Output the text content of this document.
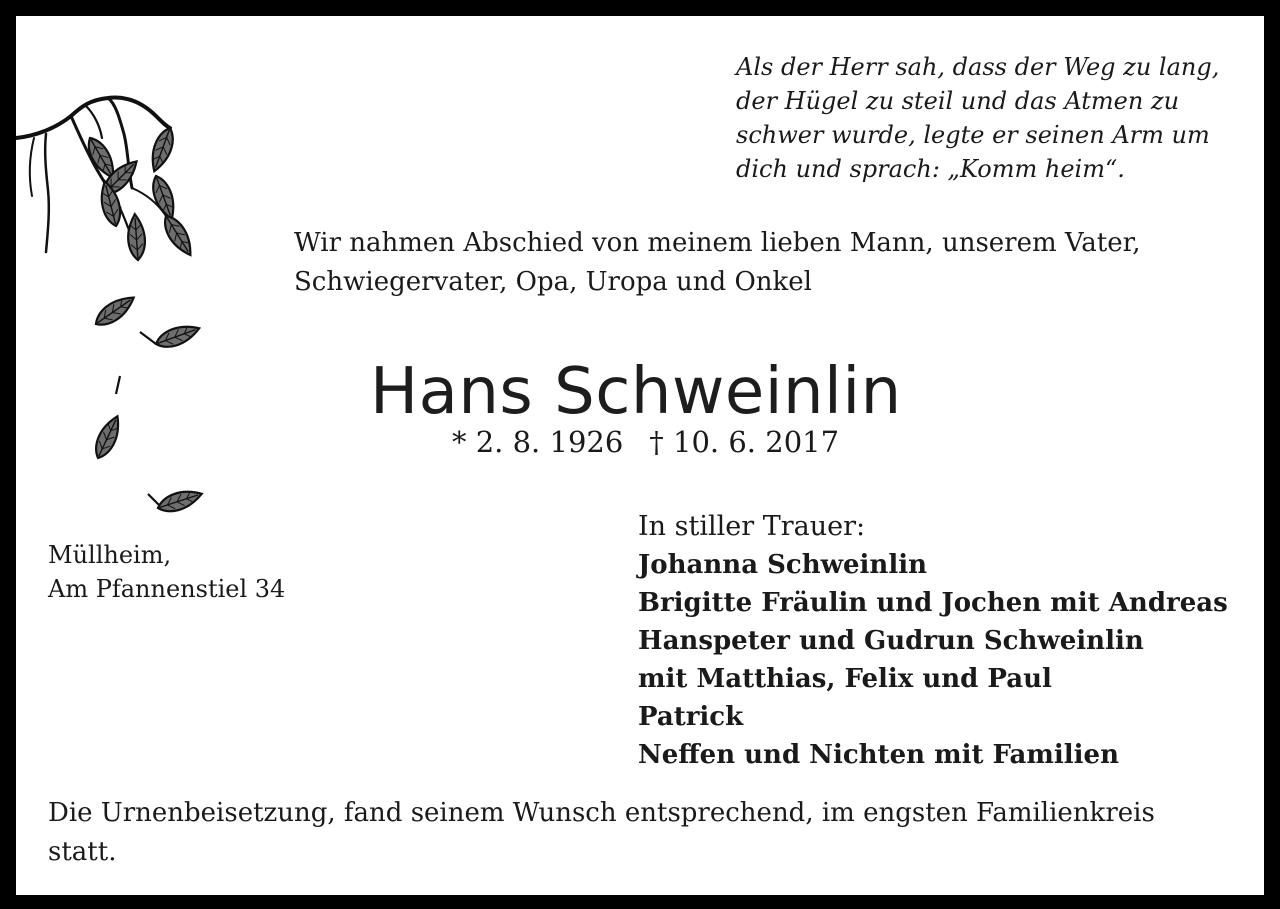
Als der Herr sah, dass der Weg zu lang,

der Hügel zu steil und das Atmen zu

schwer wurde, legte er seinen Arm um

dich und sprach: „Komm heim“.

Wir nahmen Abschied von meinem lieben Mann, unserem Vater,

Schwiegervater, Opa, Uropa und Onkel

Hans Schweinlin
* 2. 8. 1926 † 10. 6. 2017

Müllheim,

Am Pfannenstiel 34

In stiller Trauer:

Johanna Schweinlin
Brigitte Fräulin und Jochen mit Andreas
Hanspeter und Gudrun Schweinlin
mit Matthias, Felix und Paul
Patrick
Neffen und Nichten mit Familien

Die Urnenbeisetzung, fand seinem Wunsch entsprechend, im engsten Familienkreis

statt.
